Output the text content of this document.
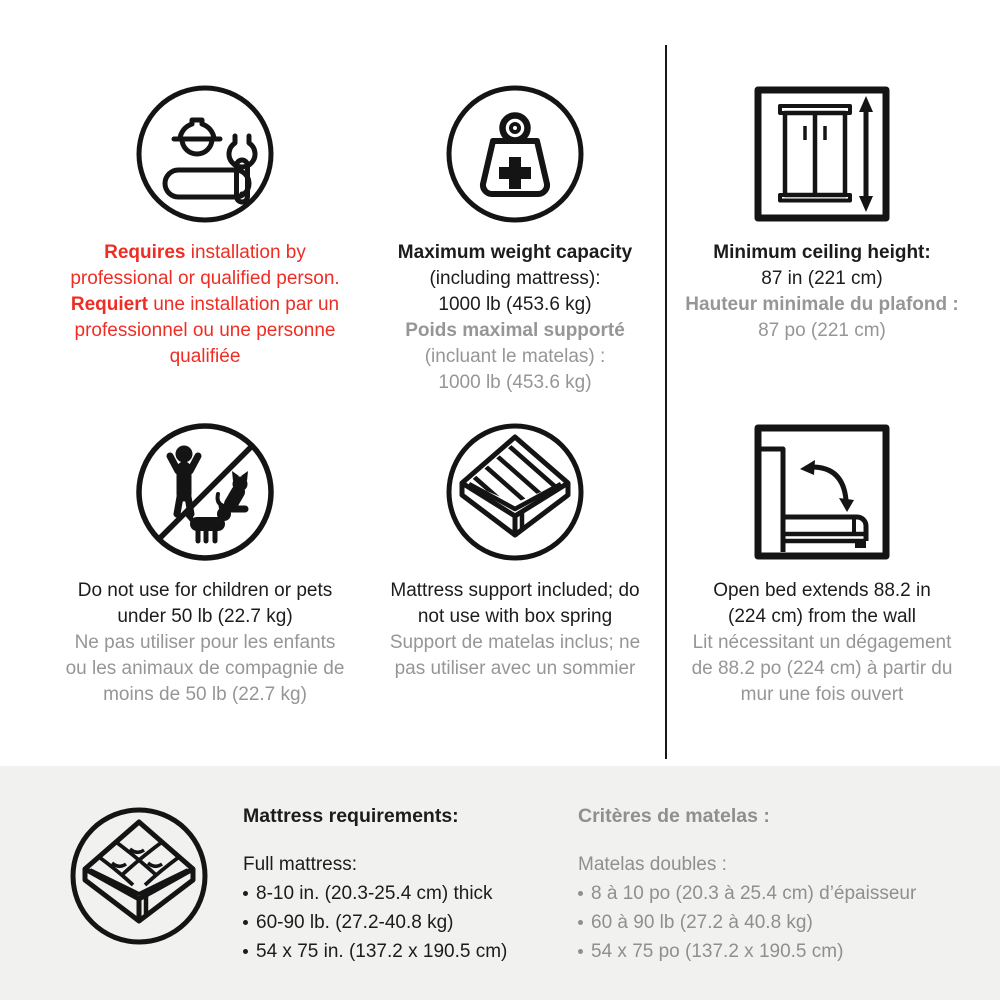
Requires installation by
professional or qualified person.
Requiert une installation par un
professionnel ou une personne
qualifiée
Maximum weight capacity
(including mattress):
1000 lb (453.6 kg)
Poids maximal supporté
(incluant le matelas) :
1000 lb (453.6 kg)
Minimum ceiling height:
87 in (221 cm)
Hauteur minimale du plafond :
87 po (221 cm)
Do not use for children or pets
under 50 lb (22.7 kg)
Ne pas utiliser pour les enfants
ou les animaux de compagnie de
moins de 50 lb (22.7 kg)
Mattress support included; do
not use with box spring
Support de matelas inclus; ne
pas utiliser avec un sommier
Open bed extends 88.2 in
(224 cm) from the wall
Lit nécessitant un dégagement
de 88.2 po (224 cm) à partir du
mur une fois ouvert
Mattress requirements:
Full mattress:
8-10 in. (20.3-25.4 cm) thick
60-90 lb. (27.2-40.8 kg)
54 x 75 in. (137.2 x 190.5 cm)
Critères de matelas :
Matelas doubles :
8 à 10 po (20.3 à 25.4 cm) d’épaisseur
60 à 90 lb (27.2 à 40.8 kg)
54 x 75 po (137.2 x 190.5 cm)
